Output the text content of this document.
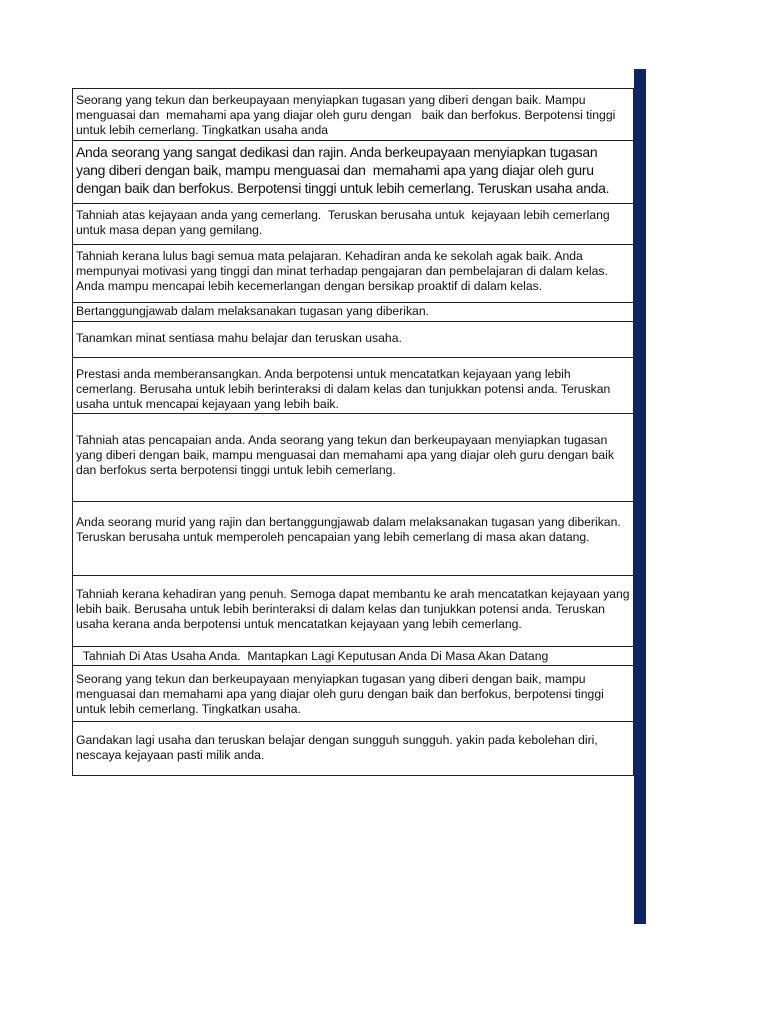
Seorang yang tekun dan berkeupayaan menyiapkan tugasan yang diberi dengan baik. Mampu menguasai dan  memahami apa yang diajar oleh guru dengan   baik dan berfokus. Berpotensi tinggi untuk lebih cemerlang. Tingkatkan usaha anda
Anda seorang yang sangat dedikasi dan rajin. Anda berkeupayaan menyiapkan tugasan yang diberi dengan baik, mampu menguasai dan  memahami apa yang diajar oleh guru dengan baik dan berfokus. Berpotensi tinggi untuk lebih cemerlang. Teruskan usaha anda.
Tahniah atas kejayaan anda yang cemerlang.  Teruskan berusaha untuk  kejayaan lebih cemerlang untuk masa depan yang gemilang.
Tahniah kerana lulus bagi semua mata pelajaran. Kehadiran anda ke sekolah agak baik. Anda mempunyai motivasi yang tinggi dan minat terhadap pengajaran dan pembelajaran di dalam kelas. Anda mampu mencapai lebih kecemerlangan dengan bersikap proaktif di dalam kelas.
Bertanggungjawab dalam melaksanakan tugasan yang diberikan.
Tanamkan minat sentiasa mahu belajar dan teruskan usaha.
Prestasi anda memberansangkan. Anda berpotensi untuk mencatatkan kejayaan yang lebih cemerlang. Berusaha untuk lebih berinteraksi di dalam kelas dan tunjukkan potensi anda. Teruskan usaha untuk mencapai kejayaan yang lebih baik.
Tahniah atas pencapaian anda. Anda seorang yang tekun dan berkeupayaan menyiapkan tugasan yang diberi dengan baik, mampu menguasai dan memahami apa yang diajar oleh guru dengan baik dan berfokus serta berpotensi tinggi untuk lebih cemerlang.
Anda seorang murid yang rajin dan bertanggungjawab dalam melaksanakan tugasan yang diberikan. Teruskan berusaha untuk memperoleh pencapaian yang lebih cemerlang di masa akan datang.
Tahniah kerana kehadiran yang penuh. Semoga dapat membantu ke arah mencatatkan kejayaan yang lebih baik. Berusaha untuk lebih berinteraksi di dalam kelas dan tunjukkan potensi anda. Teruskan usaha kerana anda berpotensi untuk mencatatkan kejayaan yang lebih cemerlang.
Tahniah Di Atas Usaha Anda.  Mantapkan Lagi Keputusan Anda Di Masa Akan Datang
Seorang yang tekun dan berkeupayaan menyiapkan tugasan yang diberi dengan baik, mampu menguasai dan memahami apa yang diajar oleh guru dengan baik dan berfokus, berpotensi tinggi untuk lebih cemerlang. Tingkatkan usaha.
Gandakan lagi usaha dan teruskan belajar dengan sungguh sungguh. yakin pada kebolehan diri, nescaya kejayaan pasti milik anda.
